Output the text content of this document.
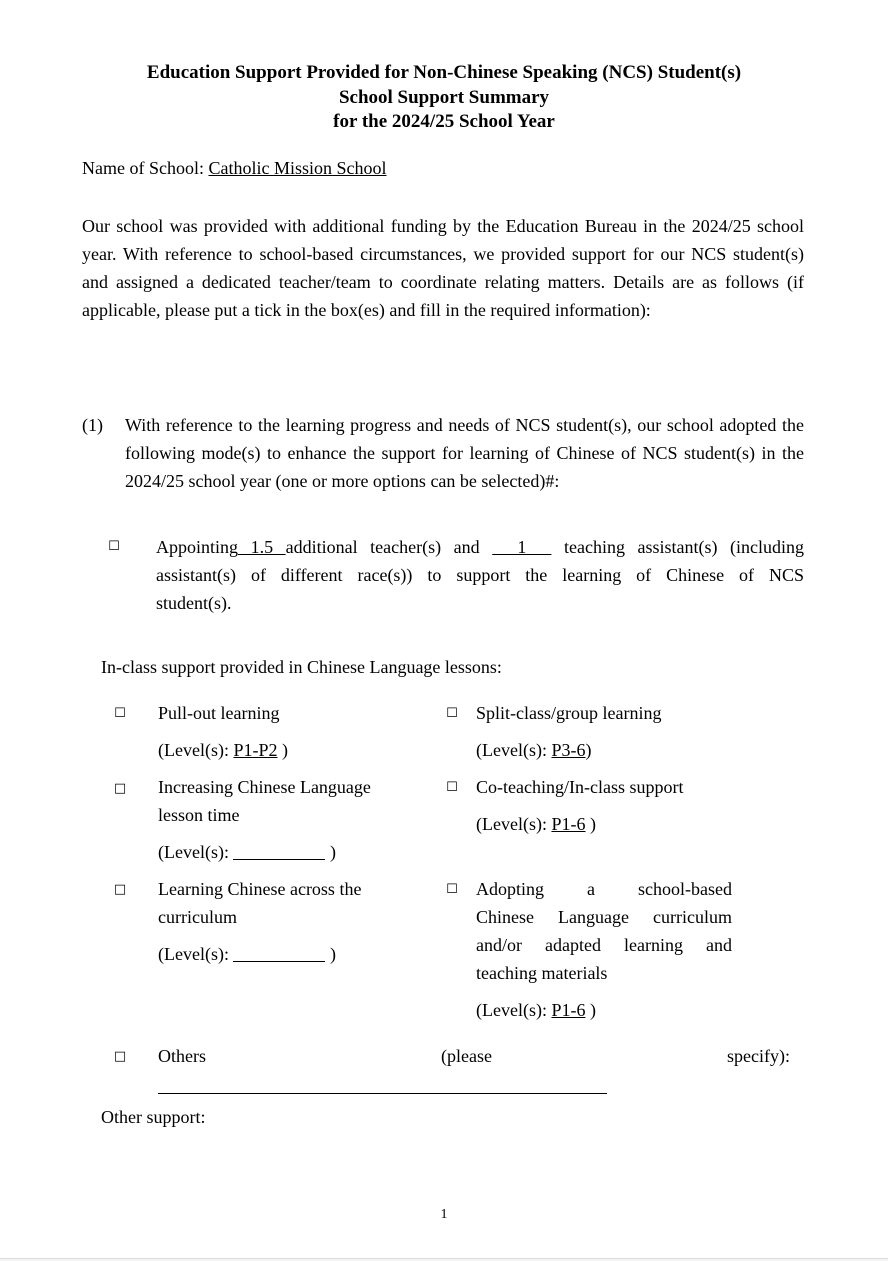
Education Support Provided for Non-Chinese Speaking (NCS) Student(s)
School Support Summary
for the 2024/25 School Year
Name of School: Catholic Mission School
Our school was provided with additional funding by the Education Bureau in the 2024/25 school year. With reference to school-based circumstances, we provided support for our NCS student(s) and assigned a dedicated teacher/team to coordinate relating matters. Details are as follows (if applicable, please put a tick in the box(es) and fill in the required information):
(1) With reference to the learning progress and needs of NCS student(s), our school adopted the following mode(s) to enhance the support for learning of Chinese of NCS student(s) in the 2024/25 school year (one or more options can be selected)#:
☐ Appointing 1.5 additional teacher(s) and   1   teaching assistant(s) (including
assistant(s) of different race(s)) to support the learning of Chinese of NCS
student(s).
In-class support provided in Chinese Language lessons:
☐ Pull-out learning
(Level(s): P1-P2 )
☐ Split-class/group learning
(Level(s): P3-6)
□ Increasing Chinese Language
lesson time
(Level(s):	)
☐ Co-teaching/In-class support
(Level(s): P1-6 )
□ Learning Chinese across the
curriculum
(Level(s):	)
☐ Adopting a school-based
Chinese Language curriculum
and/or adapted learning and
teaching materials
(Level(s): P1-6 )
□ Others	(please	specify):
Other support:
1
